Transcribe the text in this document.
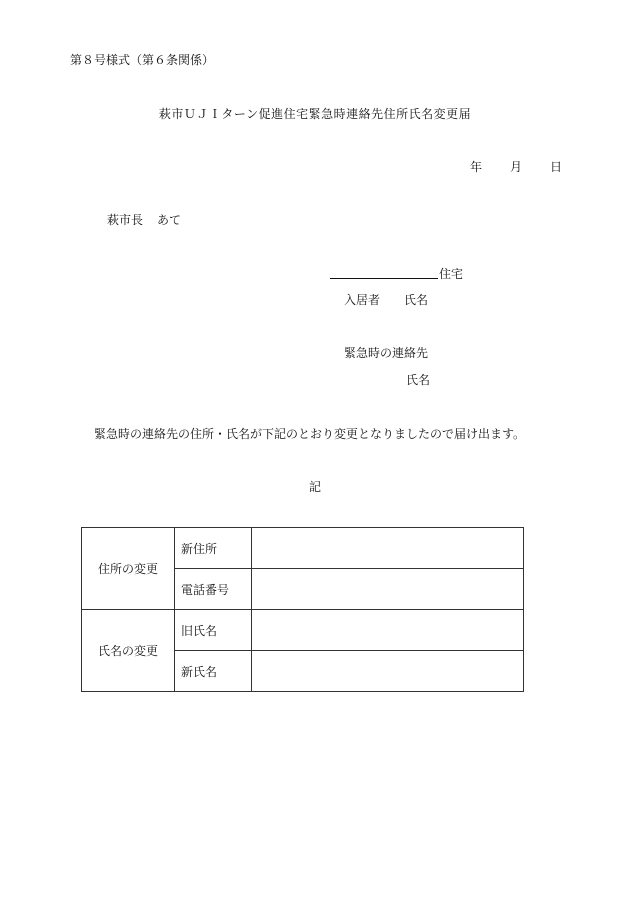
第８号様式（第６条関係）
萩市ＵＪＩターン促進住宅緊急時連絡先住所氏名変更届
年 月 日
萩市長 あて
住宅
入居者 氏名
緊急時の連絡先
氏名
緊急時の連絡先の住所・氏名が下記のとおり変更となりましたので届け出ます。
記
住所の変更	新住所	
	電話番号	
氏名の変更	旧氏名	
	新氏名	
